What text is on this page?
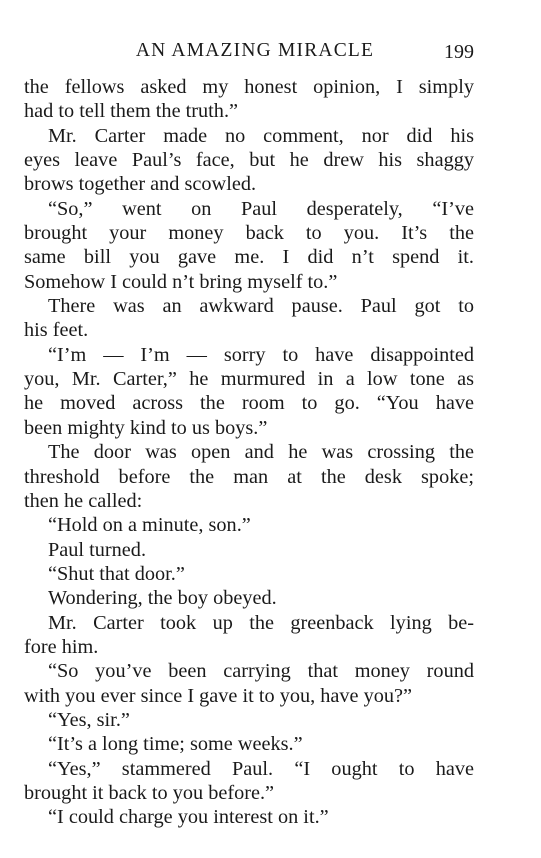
AN AMAZING MIRACLE	199
the fellows asked my honest opinion, I simply
had to tell them the truth.”
Mr. Carter made no comment, nor did his
eyes leave Paul’s face, but he drew his shaggy
brows together and scowled.
“So,” went on Paul desperately, “I’ve
brought your money back to you. It’s the
same bill you gave me. I did n’t spend it.
Somehow I could n’t bring myself to.”
There was an awkward pause. Paul got to
his feet.
“I’m — I’m — sorry to have disappointed
you, Mr. Carter,” he murmured in a low tone as
he moved across the room to go. “You have
been mighty kind to us boys.”
The door was open and he was crossing the
threshold before the man at the desk spoke;
then he called:
“Hold on a minute, son.”
Paul turned.
“Shut that door.”
Wondering, the boy obeyed.
Mr. Carter took up the greenback lying be-
fore him.
“So you’ve been carrying that money round
with you ever since I gave it to you, have you?”
“Yes, sir.”
“It’s a long time; some weeks.”
“Yes,” stammered Paul. “I ought to have
brought it back to you before.”
“I could charge you interest on it.”
